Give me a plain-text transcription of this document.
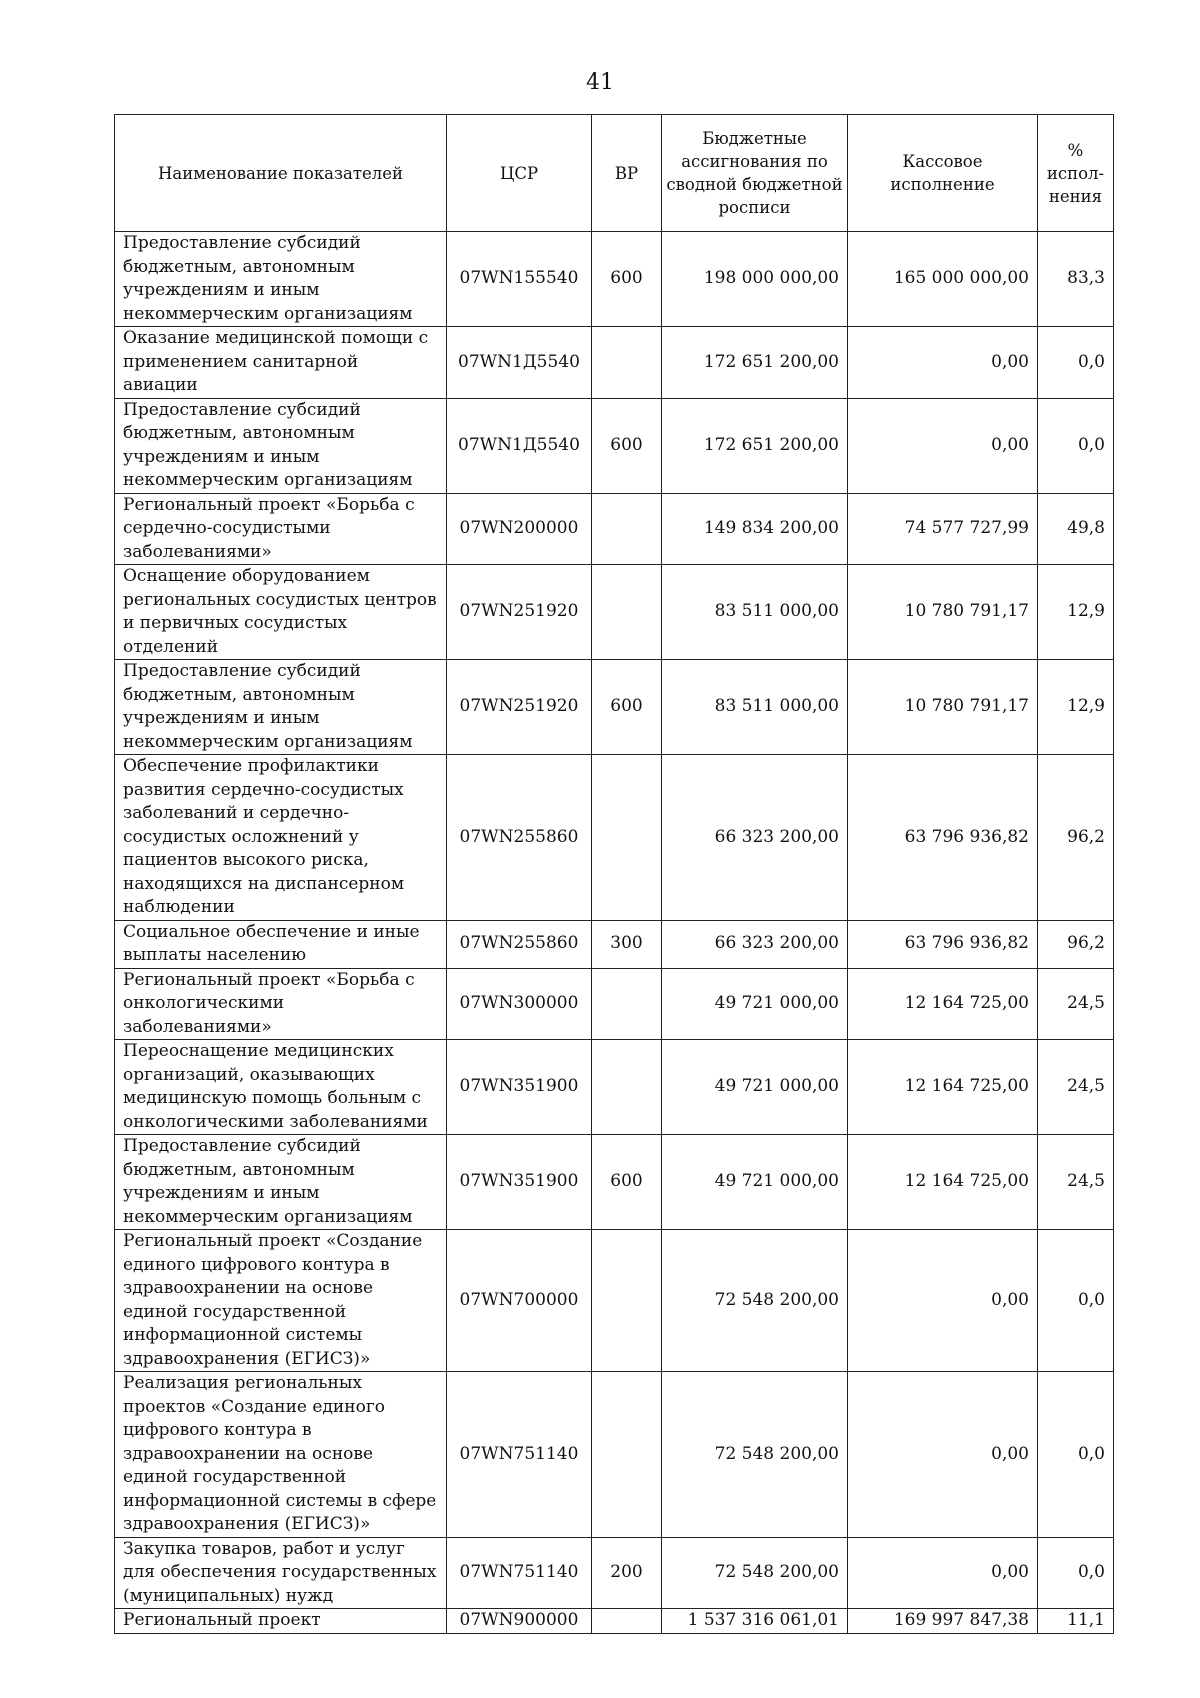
41
Наименование показателей	ЦСР	ВР	Бюджетные ассигнования по сводной бюджетной росписи	Кассовое исполнение	% испол-нения
Предоставление субсидий бюджетным, автономным учреждениям и иным некоммерческим организациям	07WN155540	600	198 000 000,00	165 000 000,00	83,3
Оказание медицинской помощи с применением санитарной авиации	07WN1Д5540		172 651 200,00	0,00	0,0
Предоставление субсидий бюджетным, автономным учреждениям и иным некоммерческим организациям	07WN1Д5540	600	172 651 200,00	0,00	0,0
Региональный проект «Борьба с сердечно-сосудистыми заболеваниями»	07WN200000		149 834 200,00	74 577 727,99	49,8
Оснащение оборудованием региональных сосудистых центров и первичных сосудистых отделений	07WN251920		83 511 000,00	10 780 791,17	12,9
Предоставление субсидий бюджетным, автономным учреждениям и иным некоммерческим организациям	07WN251920	600	83 511 000,00	10 780 791,17	12,9
Обеспечение профилактики развития сердечно-сосудистых заболеваний и сердечно-сосудистых осложнений у пациентов высокого риска, находящихся на диспансерном наблюдении	07WN255860		66 323 200,00	63 796 936,82	96,2
Социальное обеспечение и иные выплаты населению	07WN255860	300	66 323 200,00	63 796 936,82	96,2
Региональный проект «Борьба с онкологическими заболеваниями»	07WN300000		49 721 000,00	12 164 725,00	24,5
Переоснащение медицинских организаций, оказывающих медицинскую помощь больным с онкологическими заболеваниями	07WN351900		49 721 000,00	12 164 725,00	24,5
Предоставление субсидий бюджетным, автономным учреждениям и иным некоммерческим организациям	07WN351900	600	49 721 000,00	12 164 725,00	24,5
Региональный проект «Создание единого цифрового контура в здравоохранении на основе единой государственной информационной системы здравоохранения (ЕГИСЗ)»	07WN700000		72 548 200,00	0,00	0,0
Реализация региональных проектов «Создание единого цифрового контура в здравоохранении на основе единой государственной информационной системы в сфере здравоохранения (ЕГИСЗ)»	07WN751140		72 548 200,00	0,00	0,0
Закупка товаров, работ и услуг для обеспечения государственных (муниципальных) нужд	07WN751140	200	72 548 200,00	0,00	0,0
Региональный проект	07WN900000		1 537 316 061,01	169 997 847,38	11,1
